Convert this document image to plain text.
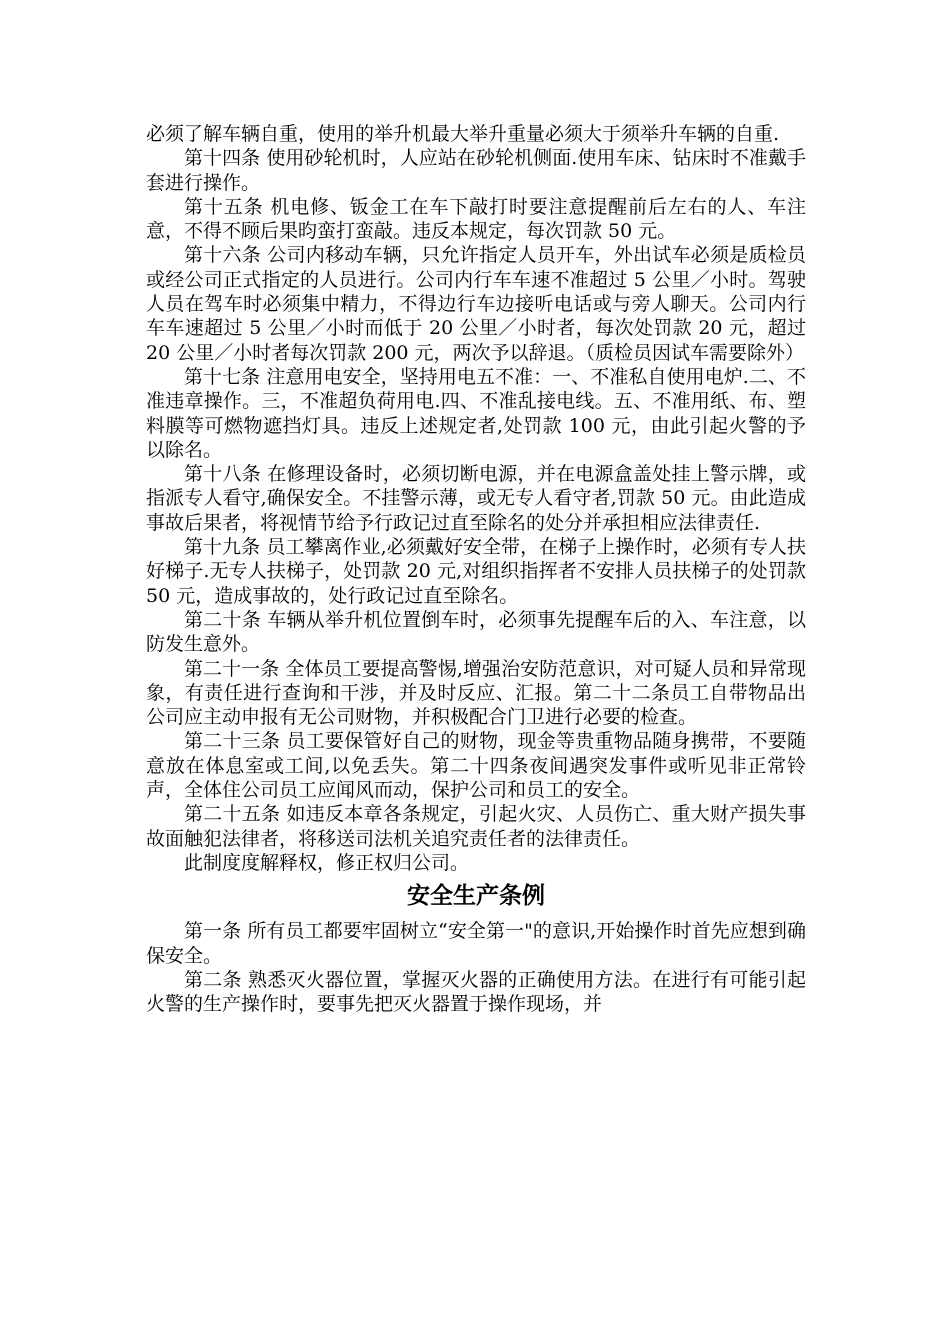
必须了解车辆自重，使用的举升机最大举升重量必须大于须举升车辆的自重.

第十四条 使用砂轮机时，人应站在砂轮机侧面.使用车床、钻床时不准戴手套进行操作。

第十五条 机电修、钣金工在车下敲打时要注意提醒前后左右的人、车注意，不得不顾后果昀蛮打蛮敲。违反本规定，每次罚款 50 元。

第十六条 公司内移动车辆，只允许指定人员开车，外出试车必须是质检员或经公司正式指定的人员进行。公司内行车车速不准超过 5 公里／小时。驾驶人员在驾车时必须集中精力，不得边行车边接听电话或与旁人聊天。公司内行车车速超过 5 公里／小时而低于 20 公里／小时者，每次处罚款 20 元，超过 20 公里／小时者每次罚款 200 元，两次予以辞退。（质检员因试车需要除外）

第十七条 注意用电安全，坚持用电五不准：一、不准私自使用电炉.二、不准违章操作。三，不准超负荷用电.四、不准乱接电线。五、不准用纸、布、塑料膜等可燃物遮挡灯具。违反上述规定者,处罚款 100 元，由此引起火警的予以除名。

第十八条 在修理设备时，必须切断电源，并在电源盒盖处挂上警示牌，或指派专人看守,确保安全。不挂警示薄，或无专人看守者,罚款 50 元。由此造成事故后果者，将视情节给予行政记过直至除名的处分并承担相应法律责任.

第十九条 员工攀离作业,必须戴好安全带，在梯子上操作时，必须有专人扶好梯子.无专人扶梯子，处罚款 20 元,对组织指挥者不安排人员扶梯子的处罚款 50 元，造成事故的，处行政记过直至除名。

第二十条 车辆从举升机位置倒车时，必须事先提醒车后的入、车注意，以防发生意外。

第二十一条 全体员工要提高警惕,增强治安防范意识，对可疑人员和异常现象，有责任进行查询和干涉，并及时反应、汇报。第二十二条员工自带物品出公司应主动申报有无公司财物，并积极配合门卫进行必要的检查。

第二十三条 员工要保管好自己的财物，现金等贵重物品随身携带，不要随意放在体息室或工间,以免丢失。第二十四条夜间遇突发事件或听见非正常铃声，全体住公司员工应闻风而动，保护公司和员工的安全。

第二十五条 如违反本章各条规定，引起火灾、人员伤亡、重大财产损失事故面触犯法律者，将移送司法机关追究责任者的法律责任。

此制度度解释权，修正权归公司。

安全生产条例

第一条 所有员工都要牢固树立“安全第一"的意识,开始操作时首先应想到确保安全。

第二条 熟悉灭火器位置，掌握灭火器的正确使用方法。在进行有可能引起火警的生产操作时，要事先把灭火器置于操作现场，并
